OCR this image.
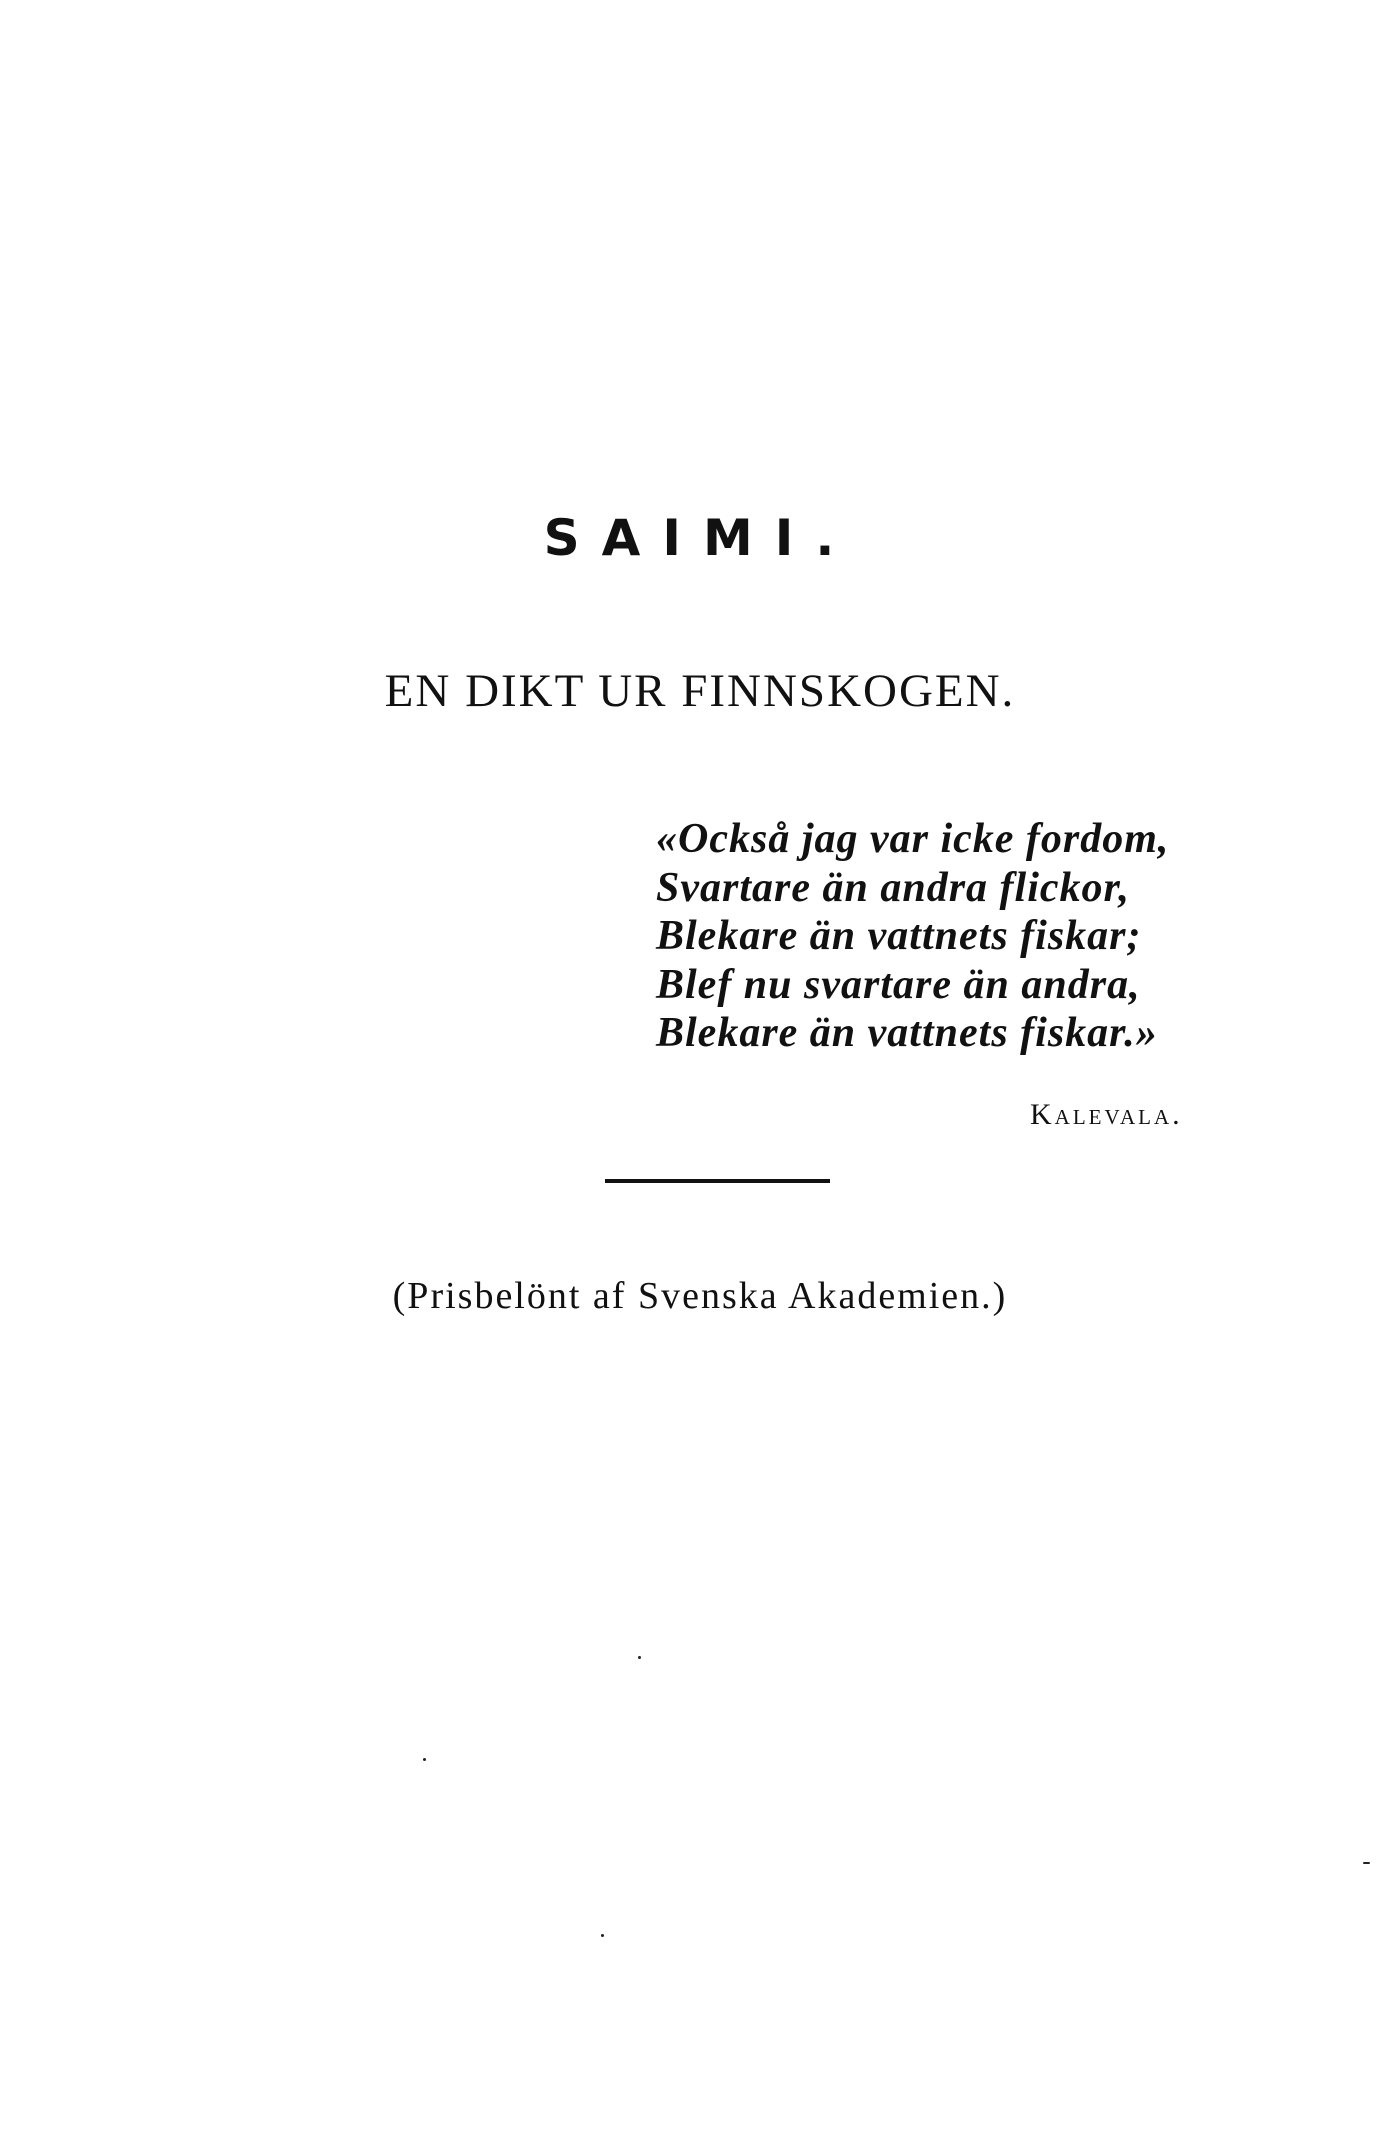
SAIMI.
EN DIKT UR FINNSKOGEN.
«Också jag var icke fordom,
Svartare än andra flickor,
Blekare än vattnets fiskar;
Blef nu svartare än andra,
Blekare än vattnets fiskar.»
Kalevala.
(Prisbelönt af Svenska Akademien.)
